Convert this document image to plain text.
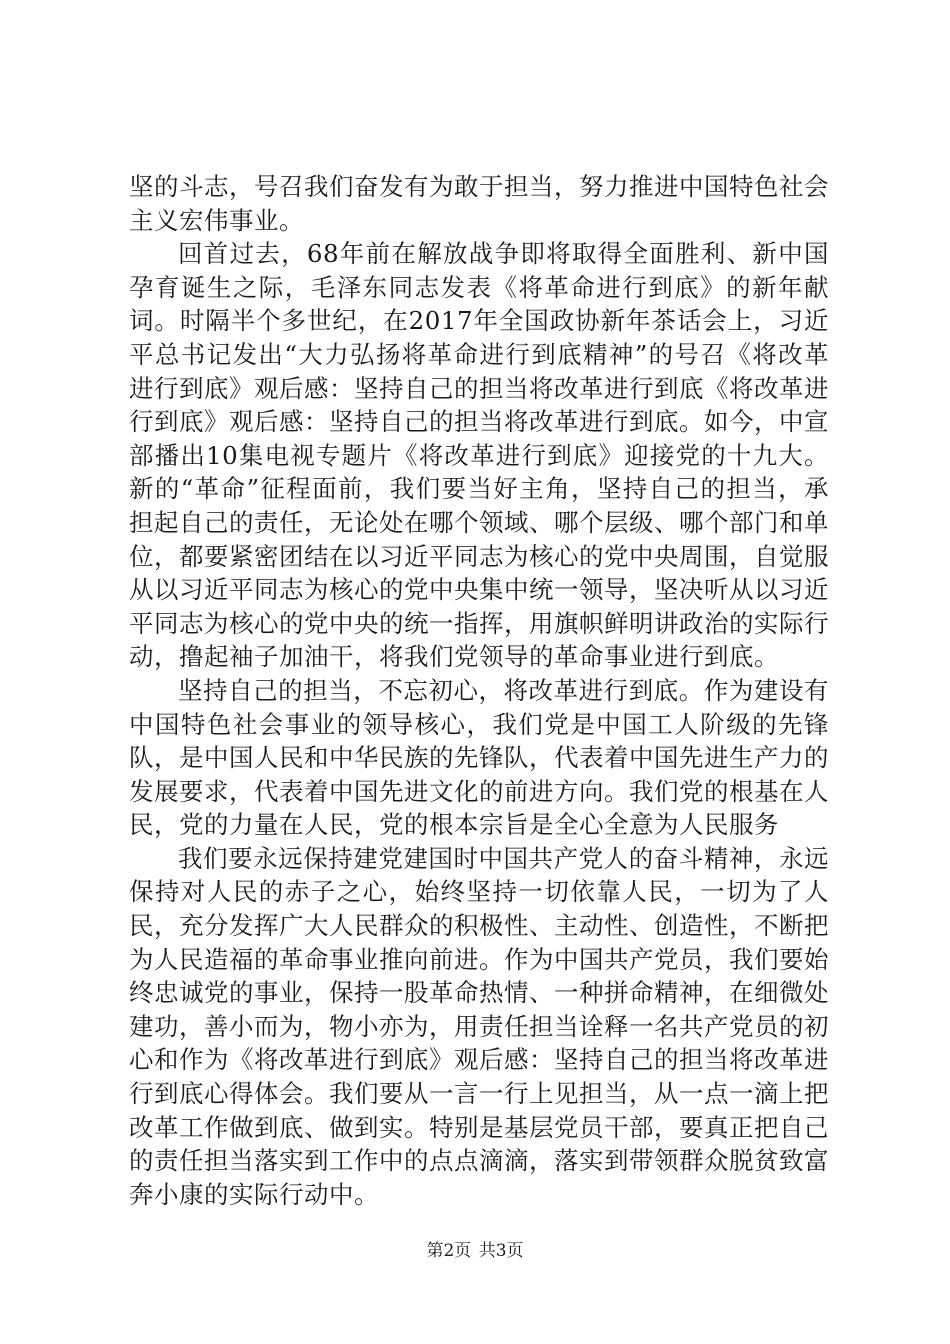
坚的斗志，号召我们奋发有为敢于担当，努力推进中国特色社会主义宏伟事业。

回首过去，68年前在解放战争即将取得全面胜利、新中国孕育诞生之际，毛泽东同志发表《将革命进行到底》的新年献词。时隔半个多世纪，在2017年全国政协新年茶话会上，习近平总书记发出“大力弘扬将革命进行到底精神”的号召《将改革进行到底》观后感：坚持自己的担当将改革进行到底《将改革进行到底》观后感：坚持自己的担当将改革进行到底。如今，中宣部播出10集电视专题片《将改革进行到底》迎接党的十九大。新的“革命”征程面前，我们要当好主角，坚持自己的担当，承担起自己的责任，无论处在哪个领域、哪个层级、哪个部门和单位，都要紧密团结在以习近平同志为核心的党中央周围，自觉服从以习近平同志为核心的党中央集中统一领导，坚决听从以习近平同志为核心的党中央的统一指挥，用旗帜鲜明讲政治的实际行动，撸起袖子加油干，将我们党领导的革命事业进行到底。

坚持自己的担当，不忘初心，将改革进行到底。作为建设有中国特色社会事业的领导核心，我们党是中国工人阶级的先锋队，是中国人民和中华民族的先锋队，代表着中国先进生产力的发展要求，代表着中国先进文化的前进方向。我们党的根基在人民，党的力量在人民，党的根本宗旨是全心全意为人民服务

我们要永远保持建党建国时中国共产党人的奋斗精神，永远保持对人民的赤子之心，始终坚持一切依靠人民，一切为了人民，充分发挥广大人民群众的积极性、主动性、创造性，不断把为人民造福的革命事业推向前进。作为中国共产党员，我们要始终忠诚党的事业，保持一股革命热情、一种拼命精神，在细微处建功，善小而为，物小亦为，用责任担当诠释一名共产党员的初心和作为《将改革进行到底》观后感：坚持自己的担当将改革进行到底心得体会。我们要从一言一行上见担当，从一点一滴上把改革工作做到底、做到实。特别是基层党员干部，要真正把自己的责任担当落实到工作中的点点滴滴，落实到带领群众脱贫致富奔小康的实际行动中。

第2页 共3页
